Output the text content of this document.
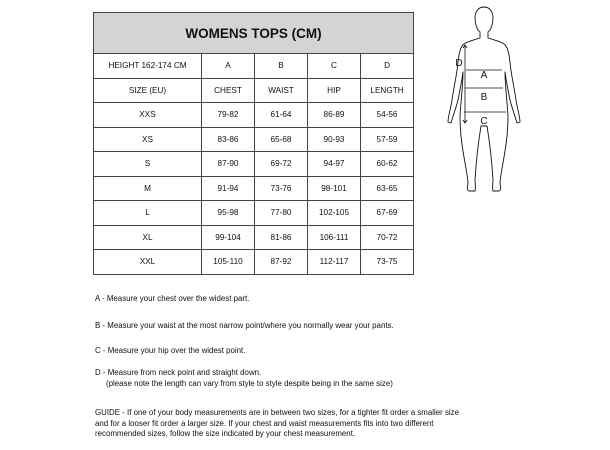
WOMENS TOPS (CM)				
HEIGHT 162-174 CM	A	B	C	D
SIZE (EU)	CHEST	WAIST	HIP	LENGTH
XXS	79-82	61-64	86-89	54-56
XS	83-86	65-68	90-93	57-59
S	87-90	69-72	94-97	60-62
M	91-94	73-76	98-101	63-65
L	95-98	77-80	102-105	67-69
XL	99-104	81-86	106-111	70-72
XXL	105-110	87-92	112-117	73-75
A
B
C
D
A - Measure your chest over the widest part.
B - Measure your waist at the most narrow point/where you normally wear your pants.
C - Measure your hip over the widest point.
D - Measure from neck point and straight down.
(please note the length can vary from style to style despite being in the same size)
GUIDE - If one of your body measurements are in between two sizes, for a tighter fit order a smaller size
and for a looser fit order a larger size. If your chest and waist measurements fits into two different
recommended sizes, follow the size indicated by your chest measurement.
